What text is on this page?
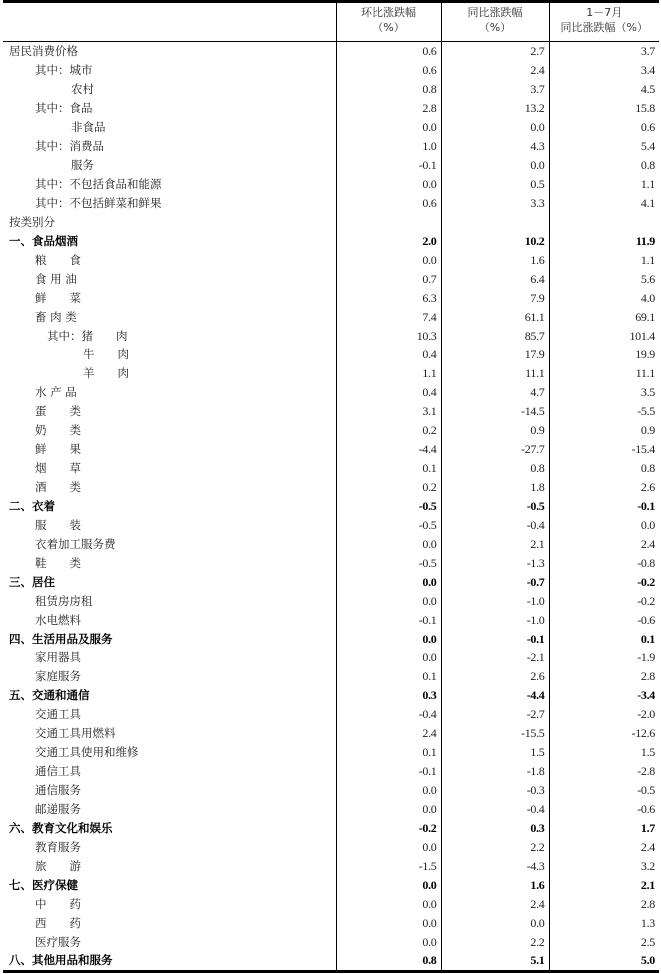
环比涨跌幅
（%）

同比涨跌幅
（%）

1－7月
同比涨跌幅（%）

居民消费价格	0.6	2.7	3.7
其中：城市	0.6	2.4	3.4
农村	0.8	3.7	4.5
其中：食品	2.8	13.2	15.8
非食品	0.0	0.0	0.6
其中：消费品	1.0	4.3	5.4
服务	-0.1	0.0	0.8
其中：不包括食品和能源	0.0	0.5	1.1
其中：不包括鲜菜和鲜果	0.6	3.3	4.1
按类别分			
一、食品烟酒	2.0	10.2	11.9
粮　　食	0.0	1.6	1.1
食 用 油	0.7	6.4	5.6
鲜　　菜	6.3	7.9	4.0
畜 肉 类	7.4	61.1	69.1
其中：猪　　肉	10.3	85.7	101.4
牛　　肉	0.4	17.9	19.9
羊　　肉	1.1	11.1	11.1
水 产 品	0.4	4.7	3.5
蛋　　类	3.1	-14.5	-5.5
奶　　类	0.2	0.9	0.9
鲜　　果	-4.4	-27.7	-15.4
烟　　草	0.1	0.8	0.8
酒　　类	0.2	1.8	2.6
二、衣着	-0.5	-0.5	-0.1
服　　装	-0.5	-0.4	0.0
衣着加工服务费	0.0	2.1	2.4
鞋　　类	-0.5	-1.3	-0.8
三、居住	0.0	-0.7	-0.2
租赁房房租	0.0	-1.0	-0.2
水电燃料	-0.1	-1.0	-0.6
四、生活用品及服务	0.0	-0.1	0.1
家用器具	0.0	-2.1	-1.9
家庭服务	0.1	2.6	2.8
五、交通和通信	0.3	-4.4	-3.4
交通工具	-0.4	-2.7	-2.0
交通工具用燃料	2.4	-15.5	-12.6
交通工具使用和维修	0.1	1.5	1.5
通信工具	-0.1	-1.8	-2.8
通信服务	0.0	-0.3	-0.5
邮递服务	0.0	-0.4	-0.6
六、教育文化和娱乐	-0.2	0.3	1.7
教育服务	0.0	2.2	2.4
旅　　游	-1.5	-4.3	3.2
七、医疗保健	0.0	1.6	2.1
中　　药	0.0	2.4	2.8
西　　药	0.0	0.0	1.3
医疗服务	0.0	2.2	2.5
八、其他用品和服务	0.8	5.1	5.0
